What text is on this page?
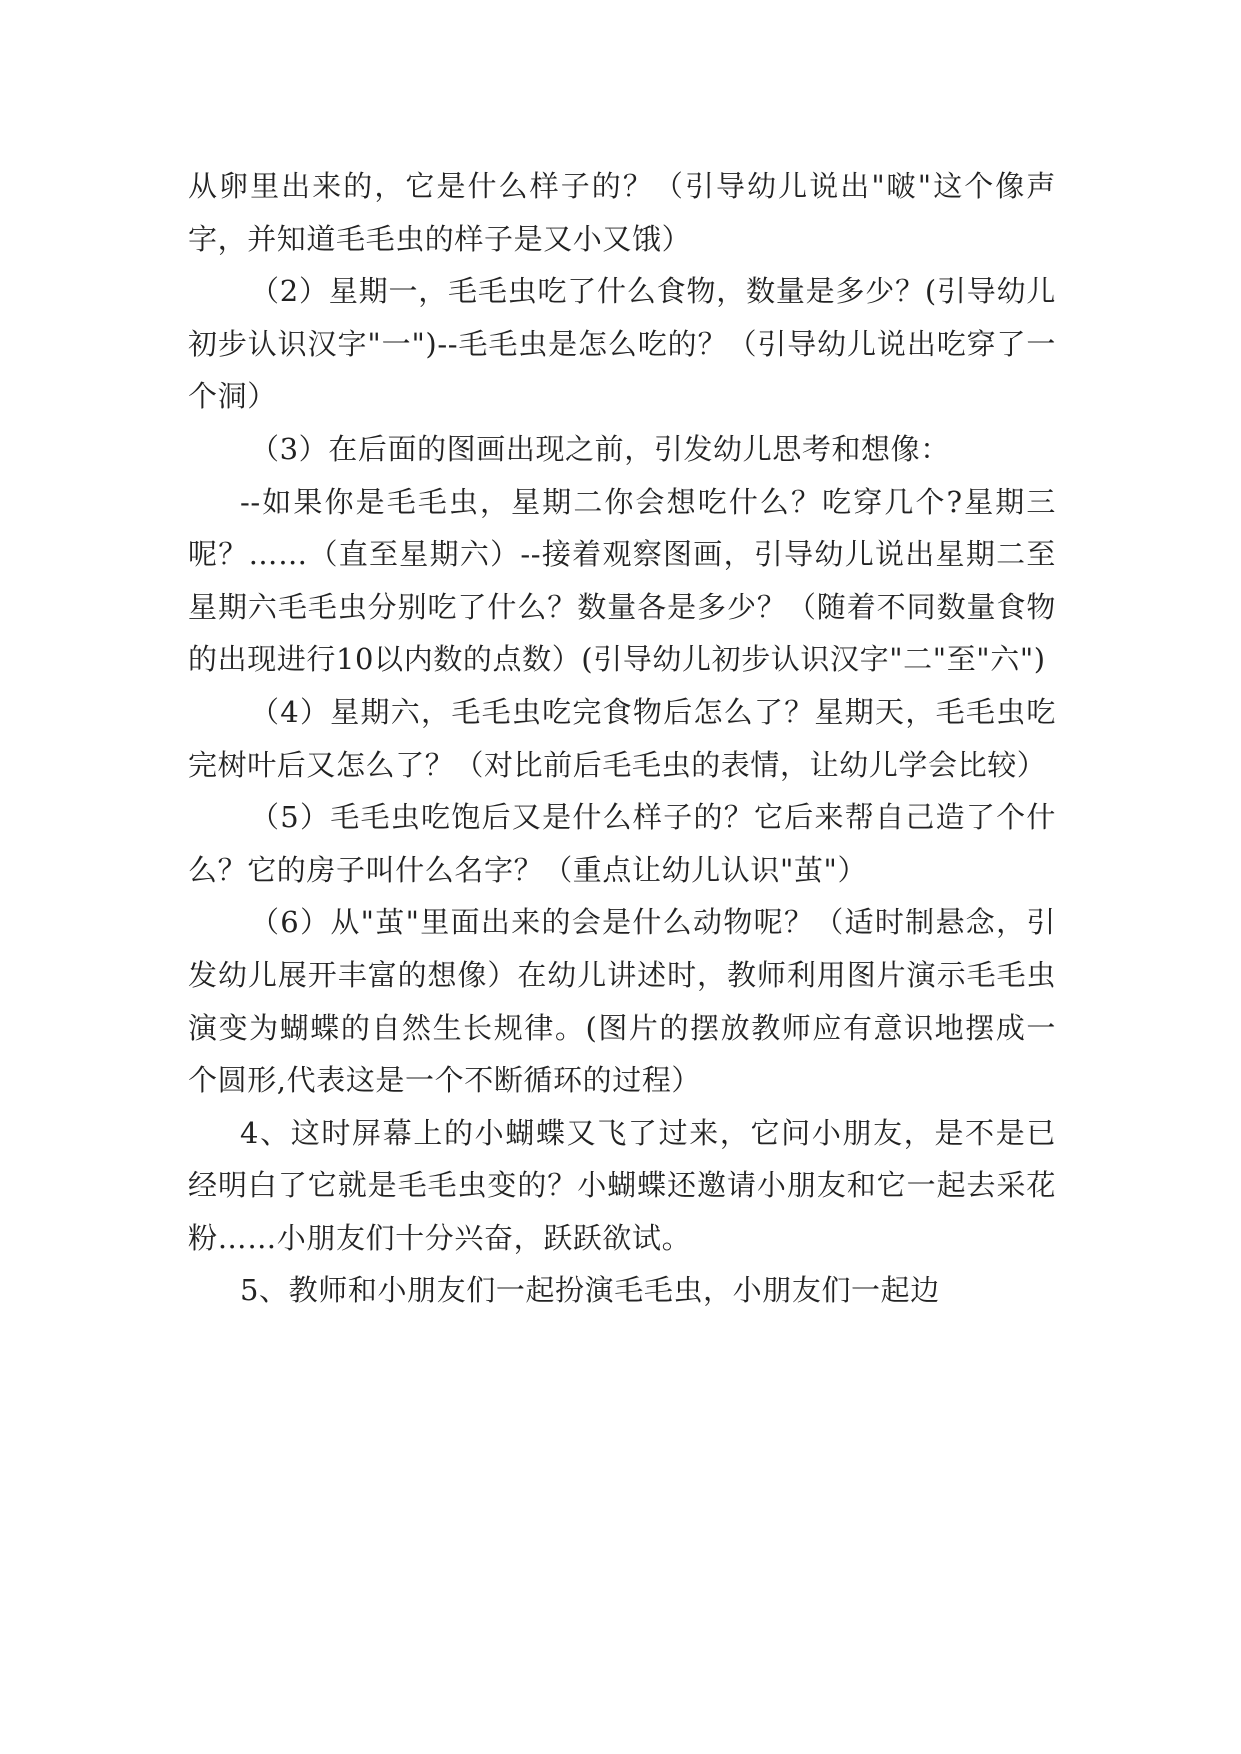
从卵里出来的，它是什么样子的？（引导幼儿说出"啵"这个像声字，并知道毛毛虫的样子是又小又饿）

（2）星期一，毛毛虫吃了什么食物，数量是多少？(引导幼儿初步认识汉字"一")--毛毛虫是怎么吃的？（引导幼儿说出吃穿了一个洞）

（3）在后面的图画出现之前，引发幼儿思考和想像：

--如果你是毛毛虫，星期二你会想吃什么？吃穿几个?星期三呢？……（直至星期六）--接着观察图画，引导幼儿说出星期二至星期六毛毛虫分别吃了什么？数量各是多少？（随着不同数量食物的出现进行10以内数的点数）(引导幼儿初步认识汉字"二"至"六")

（4）星期六，毛毛虫吃完食物后怎么了？星期天，毛毛虫吃完树叶后又怎么了？（对比前后毛毛虫的表情，让幼儿学会比较）

（5）毛毛虫吃饱后又是什么样子的？它后来帮自己造了个什么？它的房子叫什么名字？（重点让幼儿认识"茧"）

（6）从"茧"里面出来的会是什么动物呢？（适时制悬念，引发幼儿展开丰富的想像）在幼儿讲述时，教师利用图片演示毛毛虫演变为蝴蝶的自然生长规律。(图片的摆放教师应有意识地摆成一个圆形,代表这是一个不断循环的过程）

4、这时屏幕上的小蝴蝶又飞了过来，它问小朋友，是不是已经明白了它就是毛毛虫变的？小蝴蝶还邀请小朋友和它一起去采花粉……小朋友们十分兴奋，跃跃欲试。

5、教师和小朋友们一起扮演毛毛虫，小朋友们一起边
